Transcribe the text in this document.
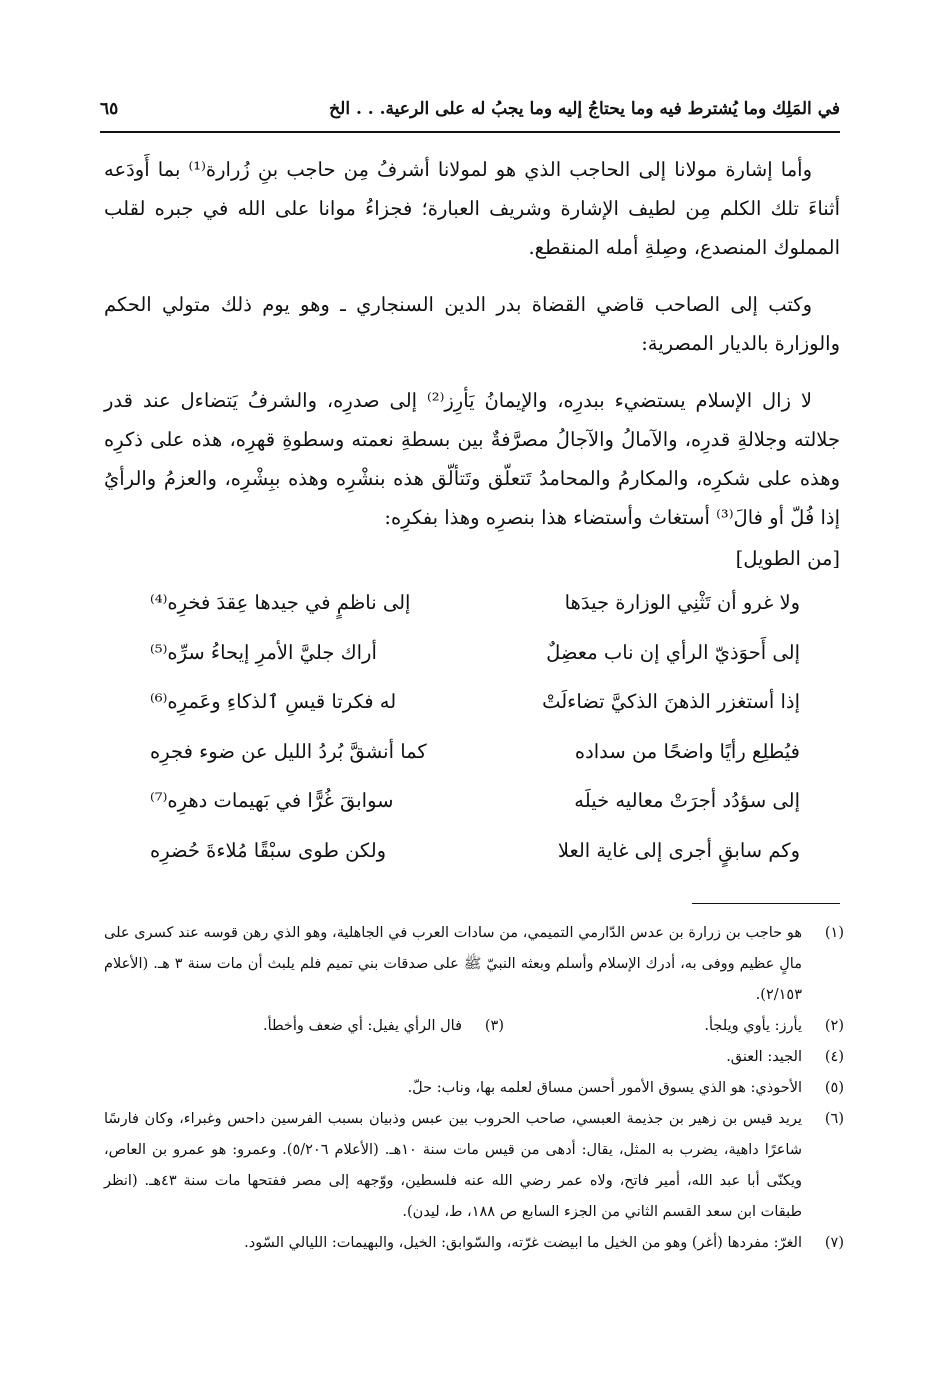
في المَلِك وما يُشترط فيه وما يحتاجُ إليه وما يجبُ له على الرعية. . . الخ
٦٥

وأما إشارة مولانا إلى الحاجب الذي هو لمولانا أشرفُ مِن حاجب بنِ زُرارة⁽¹⁾ بما أَودَعه أثناءَ تلك الكلم مِن لطيف الإشارة وشريف العبارة؛ فجزاءُ موانا على الله في جبره لقلب المملوك المنصدع، وصِلةِ أمله المنقطع.

وكتب إلى الصاحب قاضي القضاة بدر الدين السنجاري ـ وهو يوم ذلك متولي الحكم والوزارة بالديار المصرية:

لا زال الإسلام يستضيء ببدرِه، والإيمانُ يَأرِز⁽²⁾ إلى صدرِه، والشرفُ يَتضاءل عند قدر جلالته وجلالةِ قدرِه، والآمالُ والآجالُ مصرَّفةٌ بين بسطةِ نعمته وسطوةِ قهرِه، هذه على ذكرِه وهذه على شكرِه، والمكارمُ والمحامدُ تَتعلّق وتَتألّق هذه بنشْرِه وهذه ببِشْرِه، والعزمُ والرأيُ إذا فُلّ أو فالَ⁽³⁾ أستغاث وأستضاء هذا بنصرِه وهذا بفكرِه:

[من الطويل]

ولا غرو أن تَثْنِي الوزارة جيدَها
إلى ناظمٍ في جيدها عِقدَ فخرِه⁽⁴⁾
إلى أَحوَذيّ الرأي إن ناب معضِلٌ
أراك جليَّ الأمرِ إيحاءُ سرِّه⁽⁵⁾
إذا أستغزر الذهنَ الذكيَّ تضاءلَتْ
له فكرتا قيسِ ٱلذكاءِ وعَمرِه⁽⁶⁾
فيُطلِع رأيًا واضحًا من سداده
كما أنشقَّ بُردُ الليل عن ضوء فجرِه
إلى سؤدُد أجرَتْ معاليه خيلَه
سوابقَ غُرًّا في بَهيمات دهرِه⁽⁷⁾
وكم سابقٍ أجرى إلى غاية العلا
ولكن طوى سبْقًا مُلاءةَ حُضرِه
(١)
هو حاجب بن زرارة بن عدس الدّارمي التميمي، من سادات العرب في الجاهلية، وهو الذي رهن قوسه عند كسرى على مالٍ عظيم ووفى به، أدرك الإسلام وأسلم وبعثه النبيّ ﷺ على صدقات بني تميم فلم يلبث أن مات سنة ٣ هـ. (الأعلام ٢/١٥٣).
(٢)
يأرز: يأوي ويلجأ.
(٣)
فال الرأي يفيل: أي ضعف وأخطأ.
(٤)
الجيد: العنق.
(٥)
الأحوذي: هو الذي يسوق الأمور أحسن مساق لعلمه بها، وناب: حلّ.
(٦)
يريد قيس بن زهير بن جذيمة العبسي، صاحب الحروب بين عبس وذبيان بسبب الفرسين داحس وغبراء، وكان فارسًا شاعرًا داهية، يضرب به المثل، يقال: أدهى من قيس مات سنة ١٠هـ. (الأعلام ٥/٢٠٦). وعمرو: هو عمرو بن العاص، ويكنّى أبا عبد الله، أمير فاتح، ولاه عمر رضي الله عنه فلسطين، ووّجهه إلى مصر ففتحها مات سنة ٤٣هـ. (انظر طبقات ابن سعد القسم الثاني من الجزء السابع ص ١٨٨، ط، ليدن).
(٧)
الغرّ: مفردها (أغر) وهو من الخيل ما ابيضت غرّته، والسّوابق: الخيل، والبهيمات: الليالي السّود.
